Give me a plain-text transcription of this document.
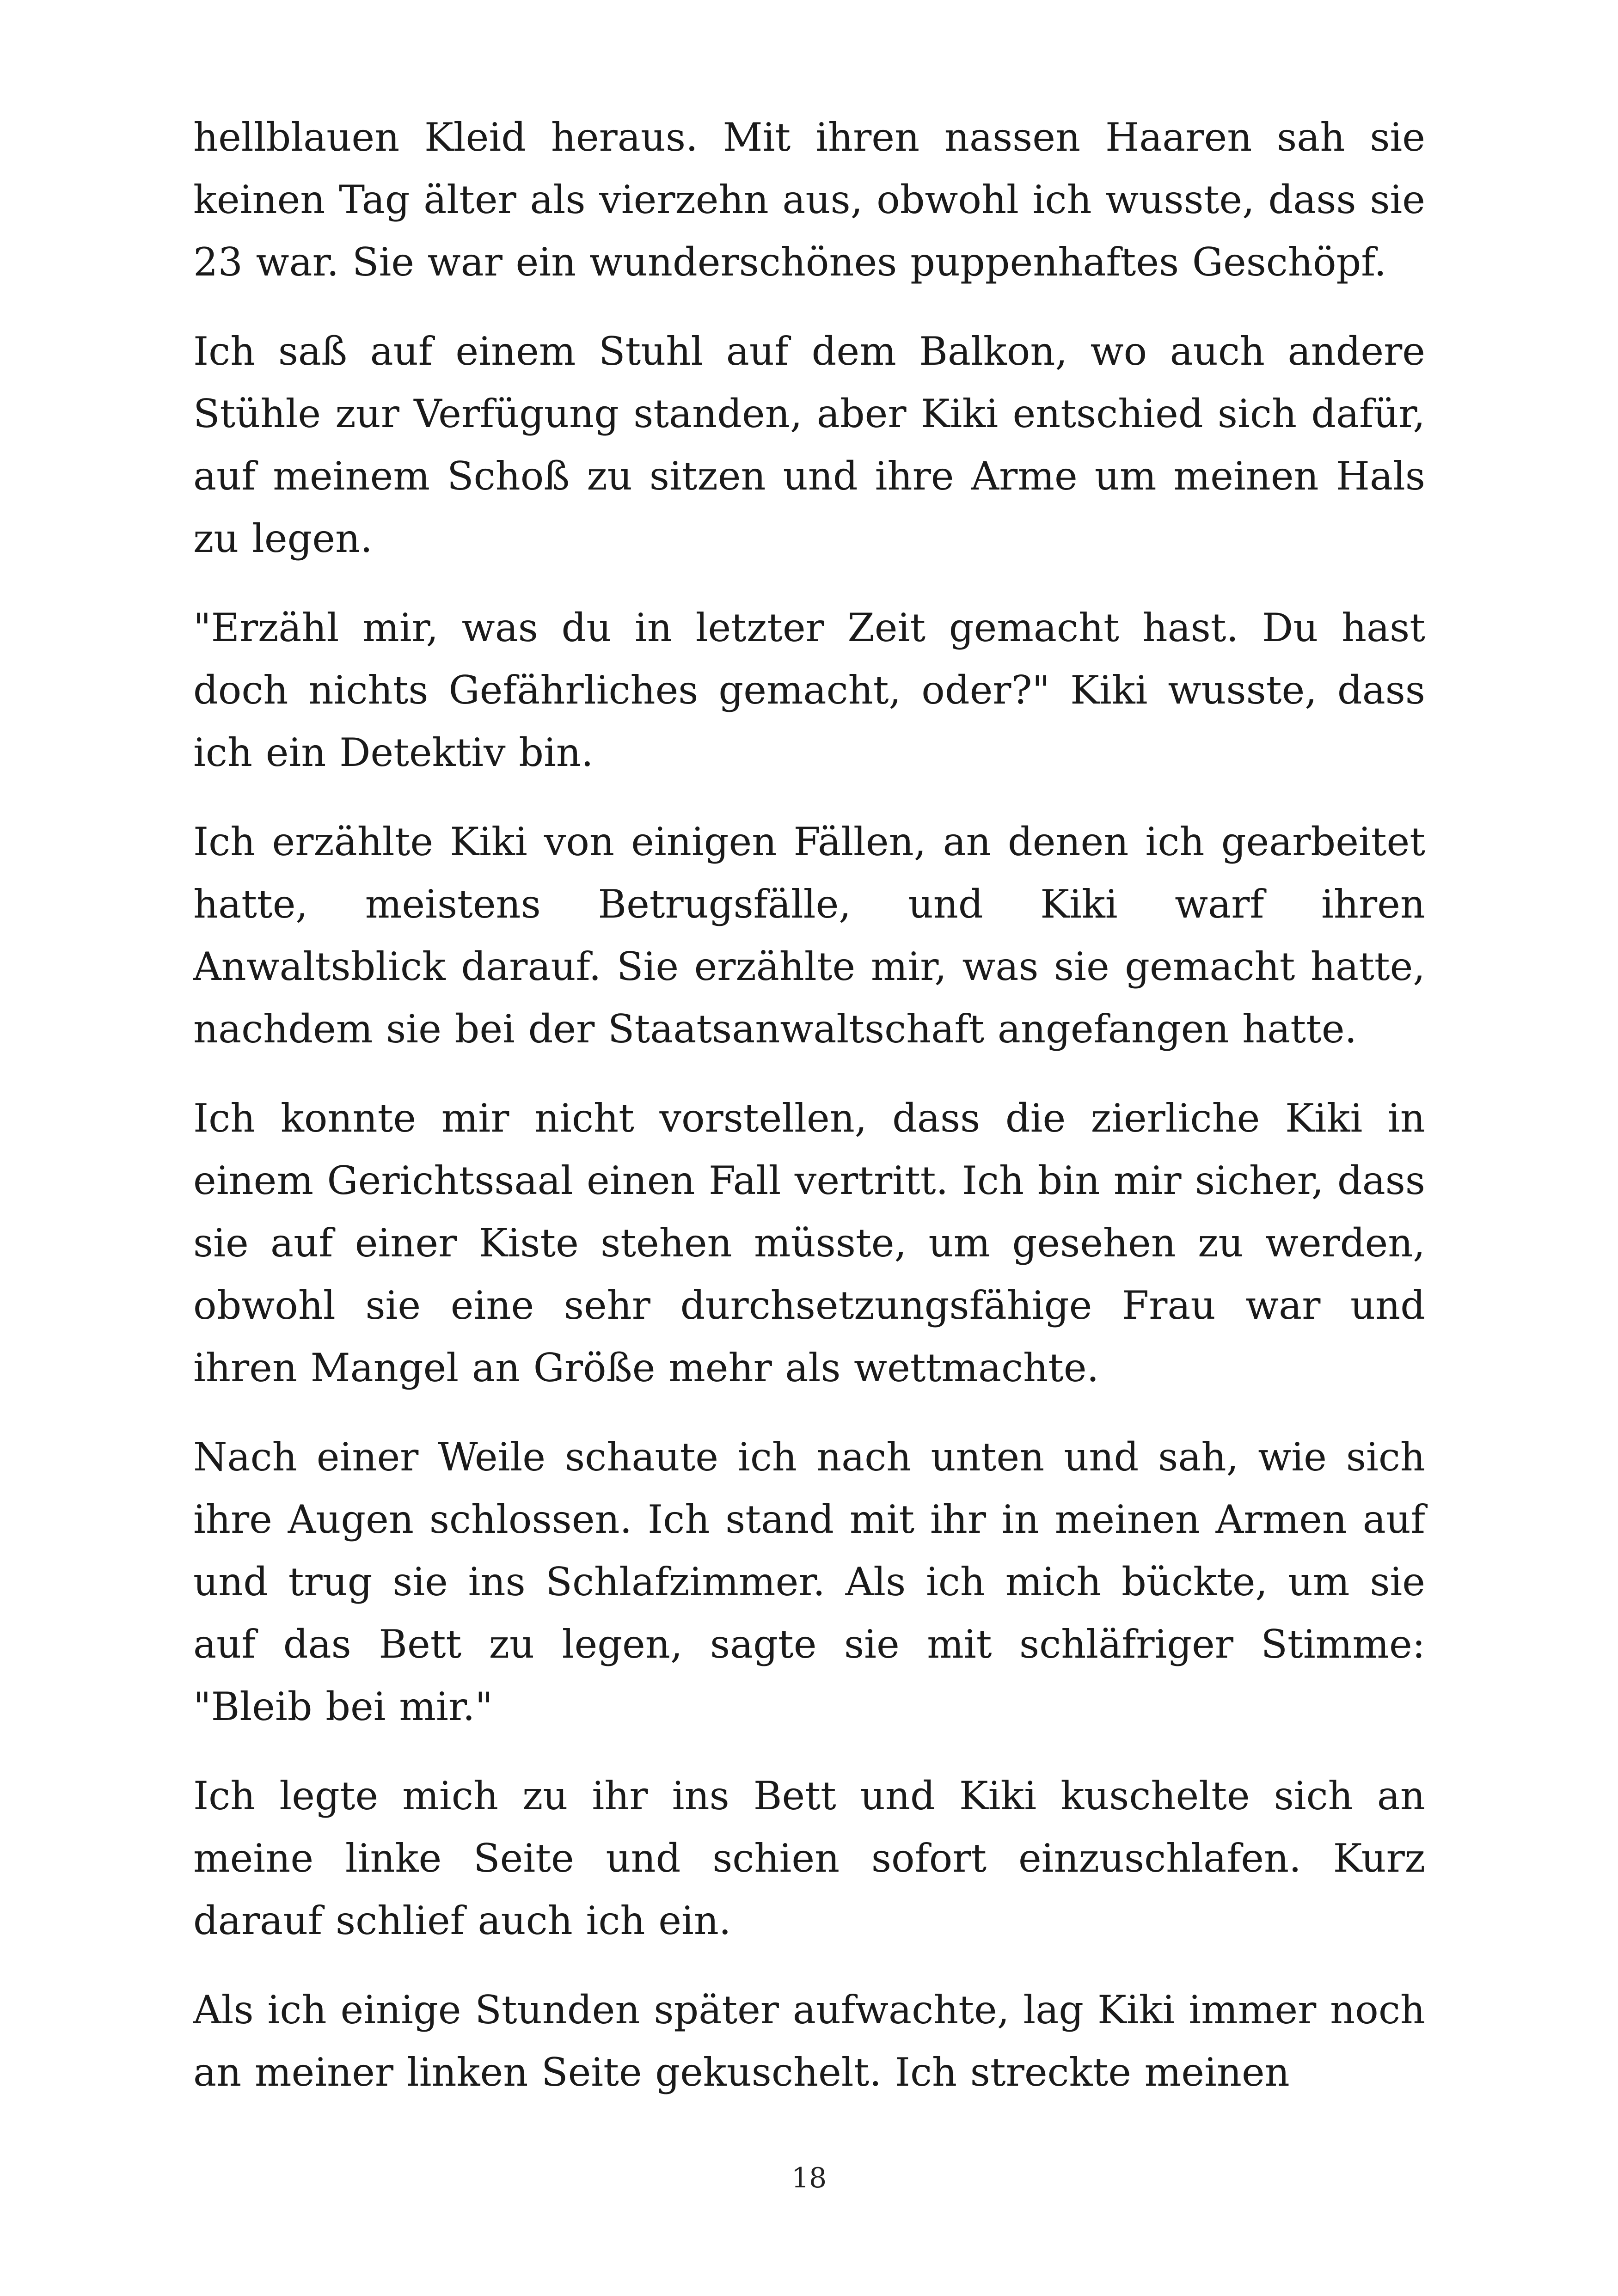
hellblauen Kleid heraus. Mit ihren nassen Haaren sah sie keinen Tag älter als vierzehn aus, obwohl ich wusste, dass sie 23 war. Sie war ein wunderschönes puppenhaftes Geschöpf.

Ich saß auf einem Stuhl auf dem Balkon, wo auch andere Stühle zur Verfügung standen, aber Kiki entschied sich dafür, auf meinem Schoß zu sitzen und ihre Arme um meinen Hals zu legen.

"Erzähl mir, was du in letzter Zeit gemacht hast. Du hast doch nichts Gefährliches gemacht, oder?" Kiki wusste, dass ich ein Detektiv bin.

Ich erzählte Kiki von einigen Fällen, an denen ich gearbeitet hatte, meistens Betrugsfälle, und Kiki warf ihren Anwaltsblick darauf. Sie erzählte mir, was sie gemacht hatte, nachdem sie bei der Staatsanwaltschaft angefangen hatte.

Ich konnte mir nicht vorstellen, dass die zierliche Kiki in einem Gerichtssaal einen Fall vertritt. Ich bin mir sicher, dass sie auf einer Kiste stehen müsste, um gesehen zu werden, obwohl sie eine sehr durchsetzungsfähige Frau war und ihren Mangel an Größe mehr als wettmachte.

Nach einer Weile schaute ich nach unten und sah, wie sich ihre Augen schlossen. Ich stand mit ihr in meinen Armen auf und trug sie ins Schlafzimmer. Als ich mich bückte, um sie auf das Bett zu legen, sagte sie mit schläfriger Stimme: "Bleib bei mir."

Ich legte mich zu ihr ins Bett und Kiki kuschelte sich an meine linke Seite und schien sofort einzuschlafen. Kurz darauf schlief auch ich ein.

Als ich einige Stunden später aufwachte, lag Kiki immer noch an meiner linken Seite gekuschelt. Ich streckte meinen

18
